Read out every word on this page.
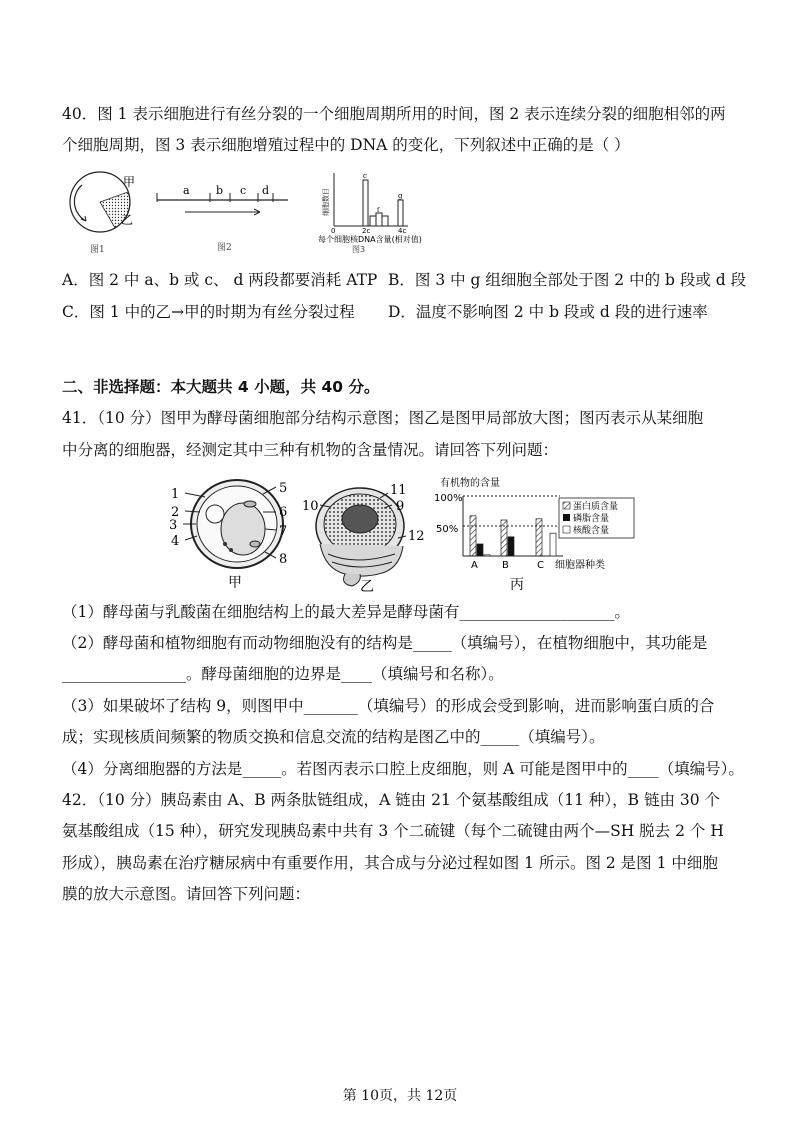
40．图 1 表示细胞进行有丝分裂的一个细胞周期所用的时间，图 2 表示连续分裂的细胞相邻的两
个细胞周期，图 3 表示细胞增殖过程中的 DNA 的变化，下列叙述中正确的是（ ）
甲
乙
图1
a b c d
图2
细胞数目
c
f
g
0	2c	4c
每个细胞核DNA含量(相对值)
图3
A．图 2 中 a、b 或 c、 d 两段都要消耗 ATP B．图 3 中 g 组细胞全部处于图 2 中的 b 段或 d 段
C．图 1 中的乙→甲的时期为有丝分裂过程 D．温度不影响图 2 中 b 段或 d 段的进行速率
二、非选择题：本大题共 4 小题，共 40 分。
41．（10 分）图甲为酵母菌细胞部分结构示意图；图乙是图甲局部放大图；图丙表示从某细胞
中分离的细胞器，经测定其中三种有机物的含量情况。请回答下列问题：
1
2
3
4
5
6
7
8
甲
10
11
9
12
乙
有机物的含量
100%
50%
A B	C 细胞器种类
蛋白质含量
磷脂含量
核酸含量
丙
（1）酵母菌与乳酸菌在细胞结构上的最大差异是酵母菌有____________________。
（2）酵母菌和植物细胞有而动物细胞没有的结构是_____（填编号），在植物细胞中，其功能是
________________。酵母菌细胞的边界是____（填编号和名称）。
（3）如果破坏了结构 9，则图甲中_______（填编号）的形成会受到影响，进而影响蛋白质的合
成；实现核质间频繁的物质交换和信息交流的结构是图乙中的_____（填编号）。
（4）分离细胞器的方法是_____。若图丙表示口腔上皮细胞，则 A 可能是图甲中的____（填编号）。
42．（10 分）胰岛素由 A、B 两条肽链组成，A 链由 21 个氨基酸组成（11 种），B 链由 30 个
氨基酸组成（15 种），研究发现胰岛素中共有 3 个二硫键（每个二硫键由两个—SH 脱去 2 个 H
形成），胰岛素在治疗糖尿病中有重要作用，其合成与分泌过程如图 1 所示。图 2 是图 1 中细胞
膜的放大示意图。请回答下列问题：
第 10页，共 12页
